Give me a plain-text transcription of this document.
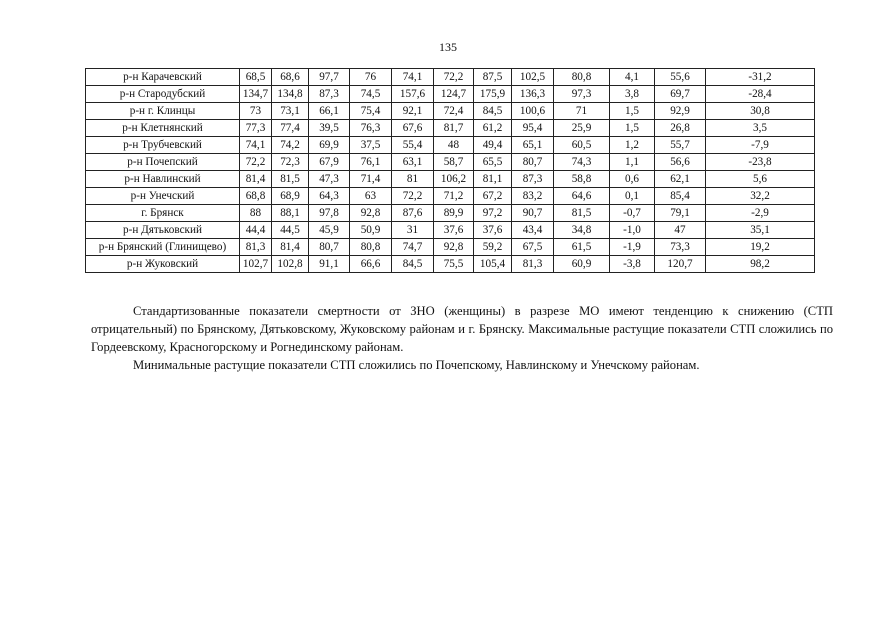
135
р-н Карачевский	68,5	68,6	97,7	76	74,1	72,2	87,5	102,5	80,8	4,1	55,6	-31,2
р-н Стародубский	134,7	134,8	87,3	74,5	157,6	124,7	175,9	136,3	97,3	3,8	69,7	-28,4
р-н г. Клинцы	73	73,1	66,1	75,4	92,1	72,4	84,5	100,6	71	1,5	92,9	30,8
р-н Клетнянский	77,3	77,4	39,5	76,3	67,6	81,7	61,2	95,4	25,9	1,5	26,8	3,5
р-н Трубчевский	74,1	74,2	69,9	37,5	55,4	48	49,4	65,1	60,5	1,2	55,7	-7,9
р-н Почепский	72,2	72,3	67,9	76,1	63,1	58,7	65,5	80,7	74,3	1,1	56,6	-23,8
р-н Навлинский	81,4	81,5	47,3	71,4	81	106,2	81,1	87,3	58,8	0,6	62,1	5,6
р-н Унечский	68,8	68,9	64,3	63	72,2	71,2	67,2	83,2	64,6	0,1	85,4	32,2
г. Брянск	88	88,1	97,8	92,8	87,6	89,9	97,2	90,7	81,5	-0,7	79,1	-2,9
р-н Дятьковский	44,4	44,5	45,9	50,9	31	37,6	37,6	43,4	34,8	-1,0	47	35,1
р-н Брянский (Глинищево)	81,3	81,4	80,7	80,8	74,7	92,8	59,2	67,5	61,5	-1,9	73,3	19,2
р-н Жуковский	102,7	102,8	91,1	66,6	84,5	75,5	105,4	81,3	60,9	-3,8	120,7	98,2

Стандартизованные показатели смертности от ЗНО (женщины) в разрезе МО имеют тенденцию к снижению (СТП отрицательный) по Брянскому, Дятьковскому, Жуковскому районам и г. Брянску. Максимальные растущие показатели СТП сложились по Гордеевскому, Красногорскому и Рогнединскому районам.

Минимальные растущие показатели СТП сложились по Почепскому, Навлинскому и Унечскому районам.
